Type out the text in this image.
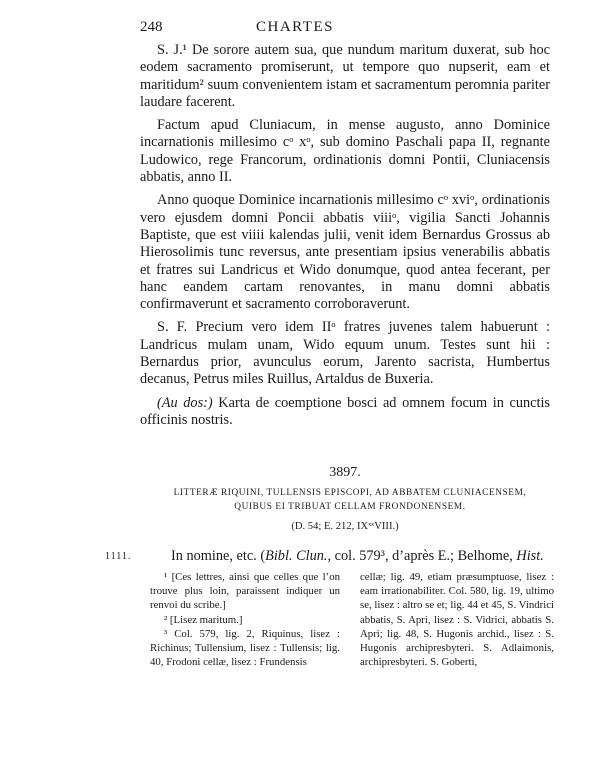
248	CHARTES

S. J.¹ De sorore autem sua, que nundum maritum duxerat, sub hoc eodem sacramento promiserunt, ut tempore quo nupserit, eam et maritidum² suum convenientem istam et sacramentum peromnia pariter laudare facerent.

Factum apud Cluniacum, in mense augusto, anno Dominice incarnationis millesimo cᵒ xᵒ, sub domino Paschali papa II, regnante Ludowico, rege Francorum, ordinationis domni Pontii, Cluniacensis abbatis, anno II.

Anno quoque Dominice incarnationis millesimo cᵒ xviᵒ, ordinationis vero ejusdem domni Poncii abbatis viiiᵒ, vigilia Sancti Johannis Baptiste, que est viiii kalendas julii, venit idem Bernardus Grossus ab Hierosolimis tunc reversus, ante presentiam ipsius venerabilis abbatis et fratres sui Landricus et Wido donumque, quod antea fecerant, per hanc eandem cartam renovantes, in manu domni abbatis confirmaverunt et sacramento corroboraverunt.

S. F. Precium vero idem IIᵒ fratres juvenes talem habuerunt : Landricus mulam unam, Wido equum unum. Testes sunt hii : Bernardus prior, avunculus eorum, Jarento sacrista, Humbertus decanus, Petrus miles Ruillus, Artaldus de Buxeria.

(Au dos:) Karta de coemptione bosci ad omnem focum in cunctis officinis nostris.

3897.
LITTERÆ RIQUINI, TULLENSIS EPISCOPI, AD ABBATEM CLUNIACENSEM,
QUIBUS EI TRIBUAT CELLAM FRONDONENSEM.
(D. 54; E. 212, IXˣˣVIII.)
1111.	In nomine, etc. (Bibl. Clun., col. 579³, d’après E.; Belhome, Hist.

¹ [Ces lettres, ainsi que celles que l’on trouve plus loin, paraissent indiquer un renvoi du scribe.]

² [Lisez maritum.]

³ Col. 579, lig. 2, Riquinus, lisez : Richinus; Tullensium, lisez : Tullensis; lig. 40, Frodoni cellæ, lisez : Frundensis

cellæ; lig. 49, etiam præsumptuose, lisez : eam irrationabiliter. Col. 580, lig. 19, ultimo se, lisez : altro se et; lig. 44 et 45, S. Vindrici abbatis, S. Apri, lisez : S. Vidrici, abbatis S. Apri; lig. 48, S. Hugonis archid., lisez : S. Hugonis archipresbyteri. S. Adlaimonis, archipresbyteri. S. Goberti,
